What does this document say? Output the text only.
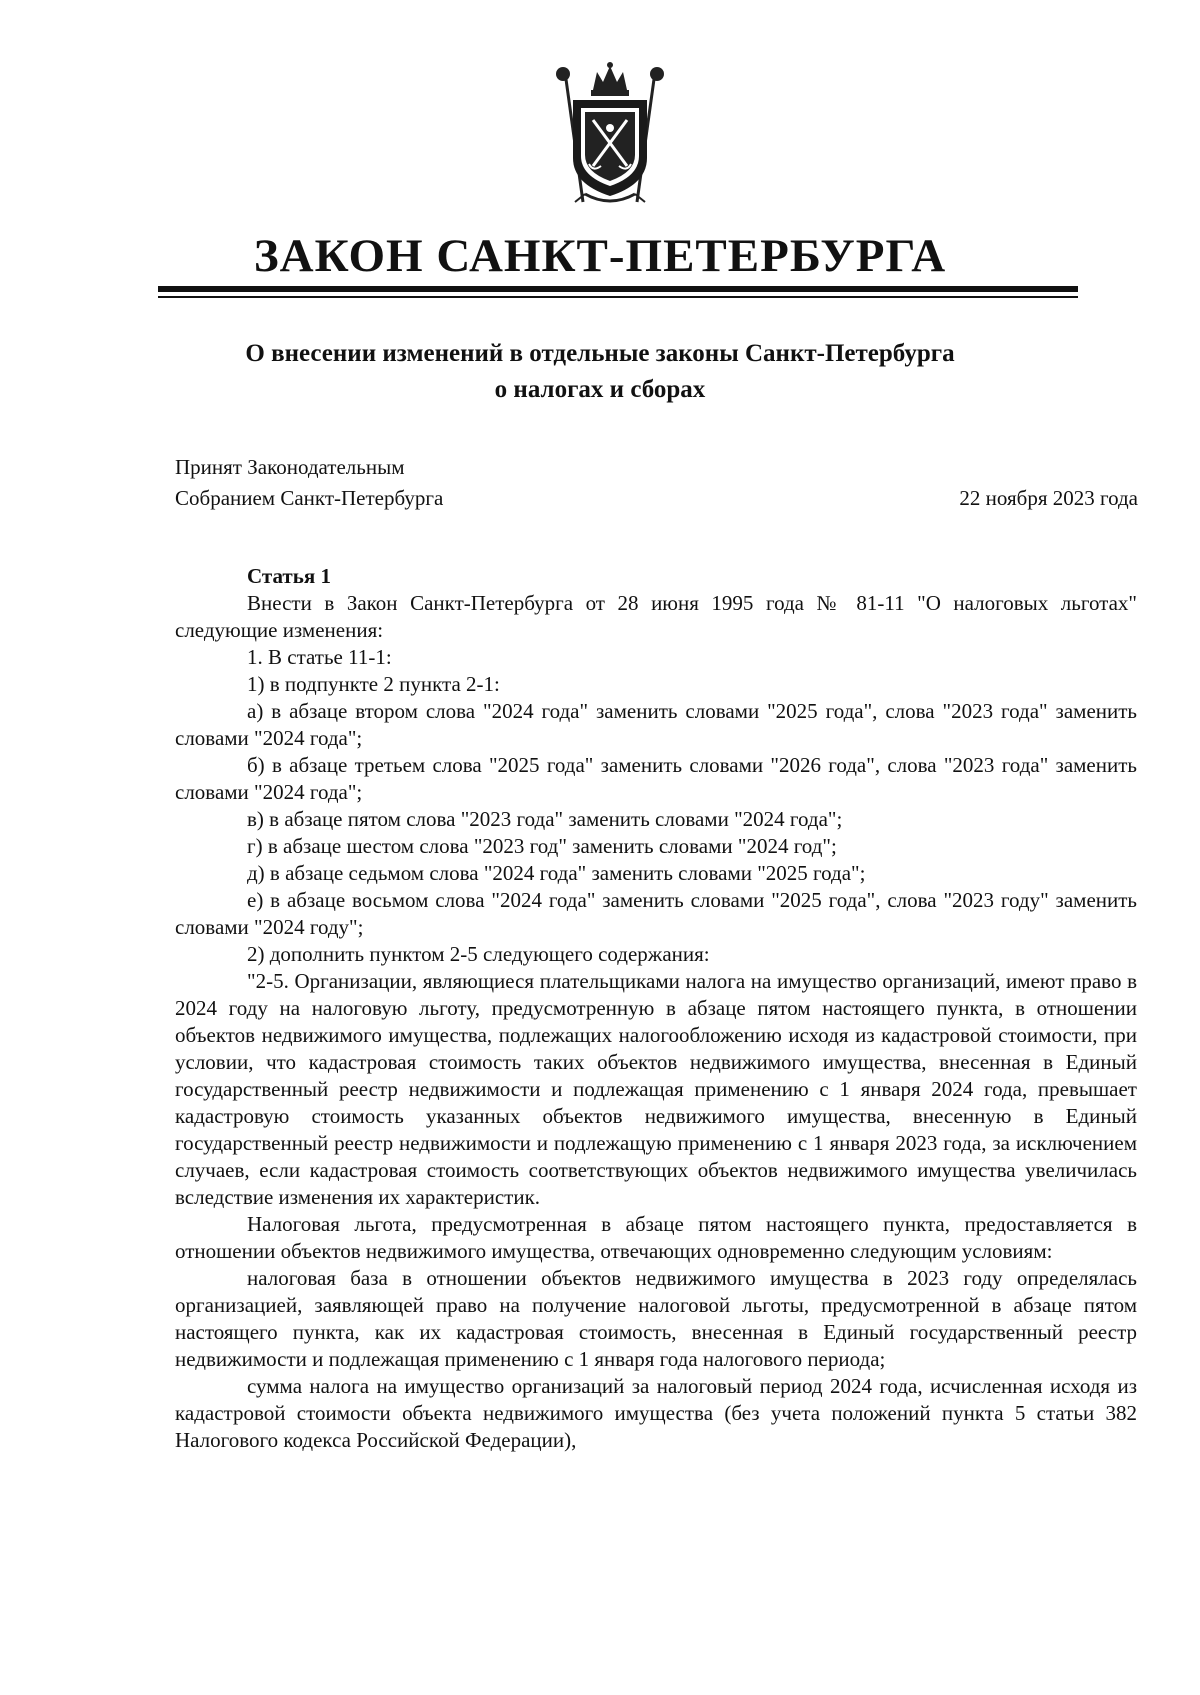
ЗАКОН САНКТ-ПЕТЕРБУРГА
О внесении изменений в отдельные законы Санкт-Петербурга
о налогах и сборах
Принят Законодательным
Собранием Санкт-Петербурга	22 ноября 2023 года

Статья 1

Внести в Закон Санкт-Петербурга от 28 июня 1995 года № 81-11 "О налоговых льготах" следующие изменения:

1. В статье 11-1:

1) в подпункте 2 пункта 2-1:

а) в абзаце втором слова "2024 года" заменить словами "2025 года", слова "2023 года" заменить словами "2024 года";

б) в абзаце третьем слова "2025 года" заменить словами "2026 года", слова "2023 года" заменить словами "2024 года";

в) в абзаце пятом слова "2023 года" заменить словами "2024 года";

г) в абзаце шестом слова "2023 год" заменить словами "2024 год";

д) в абзаце седьмом слова "2024 года" заменить словами "2025 года";

е) в абзаце восьмом слова "2024 года" заменить словами "2025 года", слова "2023 году" заменить словами "2024 году";

2) дополнить пунктом 2-5 следующего содержания:

"2-5. Организации, являющиеся плательщиками налога на имущество организаций, имеют право в 2024 году на налоговую льготу, предусмотренную в абзаце пятом настоящего пункта, в отношении объектов недвижимого имущества, подлежащих налогообложению исходя из кадастровой стоимости, при условии, что кадастровая стоимость таких объектов недвижимого имущества, внесенная в Единый государственный реестр недвижимости и подлежащая применению с 1 января 2024 года, превышает кадастровую стоимость указанных объектов недвижимого имущества, внесенную в Единый государственный реестр недвижимости и подлежащую применению с 1 января 2023 года, за исключением случаев, если кадастровая стоимость соответствующих объектов недвижимого имущества увеличилась вследствие изменения их характеристик.

Налоговая льгота, предусмотренная в абзаце пятом настоящего пункта, предоставляется в отношении объектов недвижимого имущества, отвечающих одновременно следующим условиям:

налоговая база в отношении объектов недвижимого имущества в 2023 году определялась организацией, заявляющей право на получение налоговой льготы, предусмотренной в абзаце пятом настоящего пункта, как их кадастровая стоимость, внесенная в Единый государственный реестр недвижимости и подлежащая применению с 1 января года налогового периода;

сумма налога на имущество организаций за налоговый период 2024 года, исчисленная исходя из кадастровой стоимости объекта недвижимого имущества (без учета положений пункта 5 статьи 382 Налогового кодекса Российской Федерации),
